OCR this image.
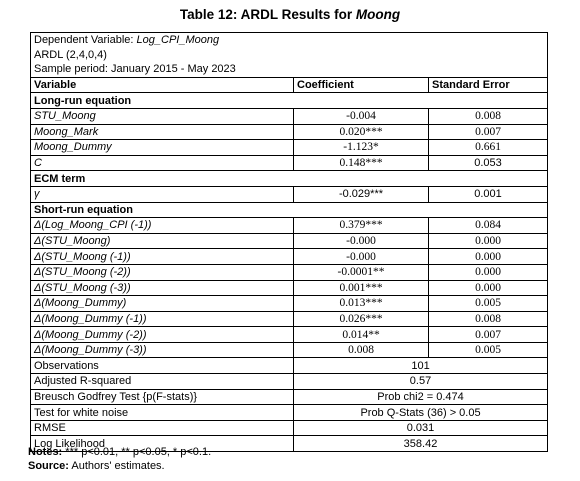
Table 12: ARDL Results for Moong
Dependent Variable: Log_CPI_Moong		
ARDL (2,4,0,4)		
Sample period: January 2015 - May 2023		
Variable	Coefficient	Standard Error
Long-run equation		
STU_Moong	-0.004	0.008
Moong_Mark	0.020***	0.007
Moong_Dummy	-1.123*	0.661
C	0.148***	0.053
ECM term		
γ	-0.029***	0.001
Short-run equation		
Δ(Log_Moong_CPI (-1))	0.379***	0.084
Δ(STU_Moong)	-0.000	0.000
Δ(STU_Moong (-1))	-0.000	0.000
Δ(STU_Moong (-2))	-0.0001**	0.000
Δ(STU_Moong (-3))	0.001***	0.000
Δ(Moong_Dummy)	0.013***	0.005
Δ(Moong_Dummy (-1))	0.026***	0.008
Δ(Moong_Dummy (-2))	0.014**	0.007
Δ(Moong_Dummy (-3))	0.008	0.005
Observations	101	
Adjusted R-squared	0.57	
Breusch Godfrey Test {p(F-stats)}	Prob chi2 = 0.474	
Test for white noise	Prob Q-Stats (36) > 0.05	
RMSE	0.031	
Log Likelihood	358.42	
Notes: *** p<0.01, ** p<0.05, * p<0.1.
Source: Authors' estimates.
